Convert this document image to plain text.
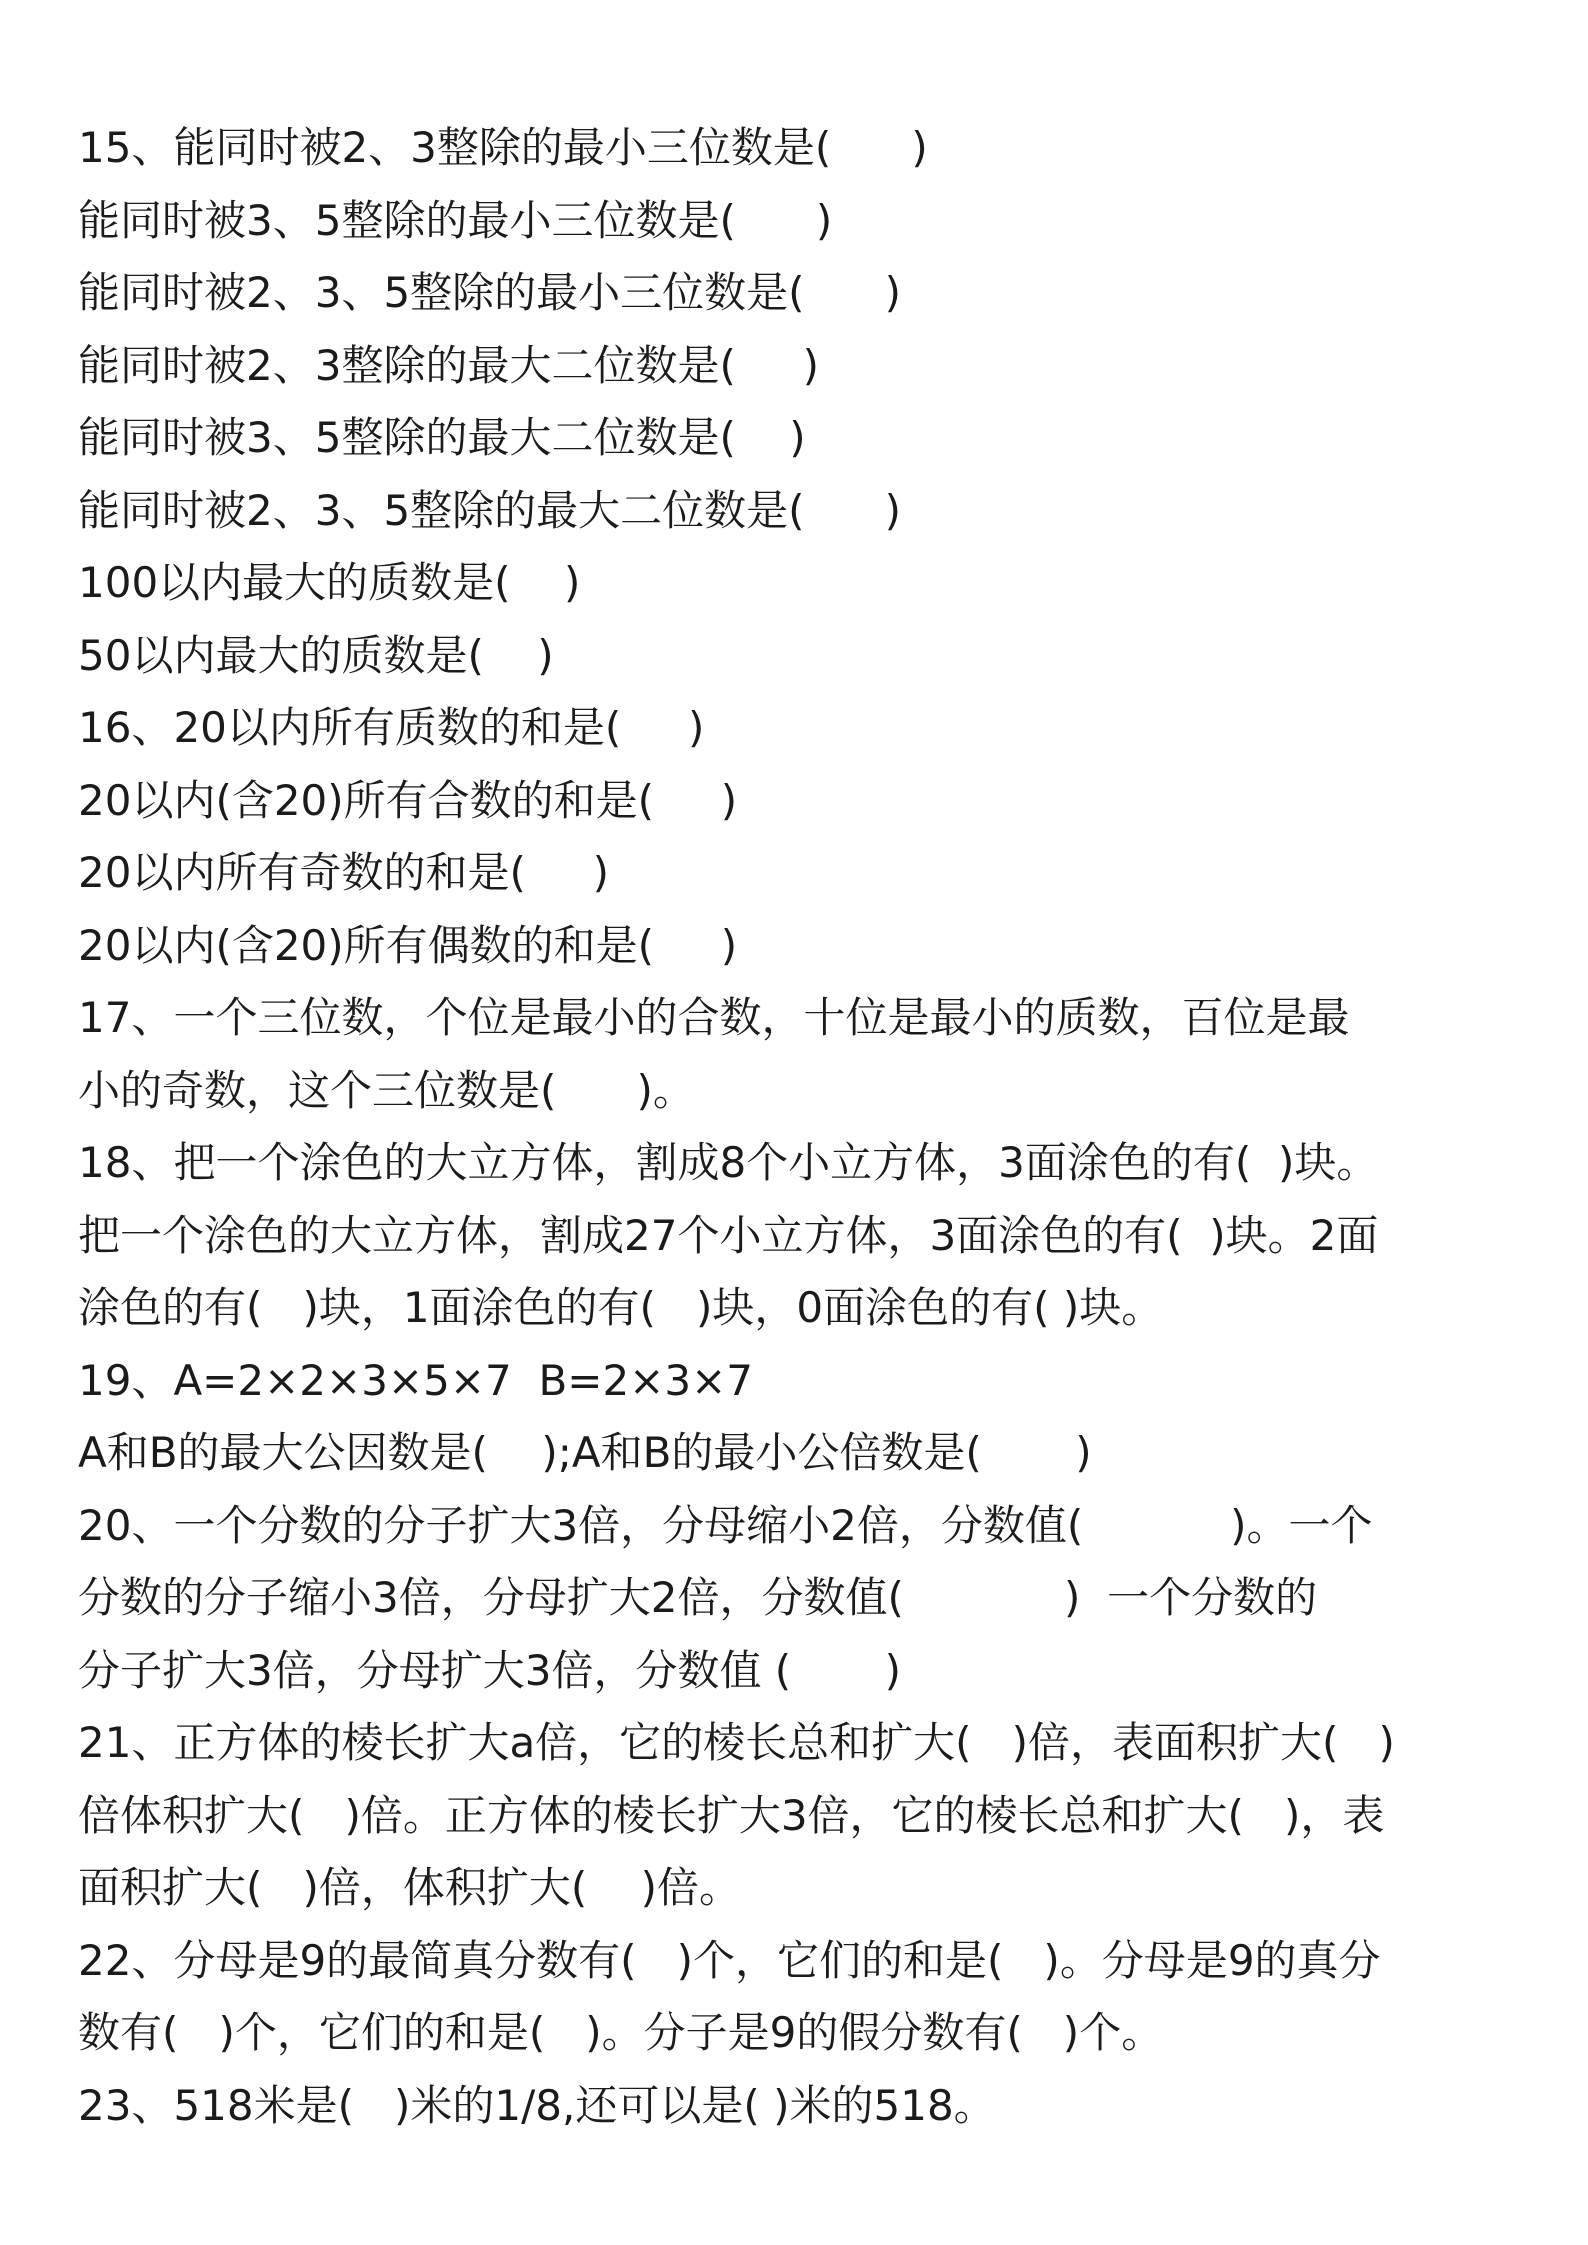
15、能同时被2、3整除的最小三位数是(      )
能同时被3、5整除的最小三位数是(      )
能同时被2、3、5整除的最小三位数是(      )
能同时被2、3整除的最大二位数是(     )
能同时被3、5整除的最大二位数是(    )
能同时被2、3、5整除的最大二位数是(      )
100以内最大的质数是(    )
50以内最大的质数是(    )
16、20以内所有质数的和是(     )
20以内(含20)所有合数的和是(     )
20以内所有奇数的和是(     )
20以内(含20)所有偶数的和是(     )
17、一个三位数，个位是最小的合数，十位是最小的质数，百位是最
小的奇数，这个三位数是(      )。
18、把一个涂色的大立方体，割成8个小立方体，3面涂色的有(  )块。
把一个涂色的大立方体，割成27个小立方体，3面涂色的有(  )块。2面
涂色的有(   )块，1面涂色的有(   )块，0面涂色的有( )块。
19、A=2×2×3×5×7  B=2×3×7
A和B的最大公因数是(    );A和B的最小公倍数是(       )
20、一个分数的分子扩大3倍，分母缩小2倍，分数值(           )。一个
分数的分子缩小3倍，分母扩大2倍，分数值(            )  一个分数的
分子扩大3倍，分母扩大3倍，分数值 (       )
21、正方体的棱长扩大a倍，它的棱长总和扩大(   )倍，表面积扩大(   )
倍体积扩大(   )倍。正方体的棱长扩大3倍，它的棱长总和扩大(   )，表
面积扩大(   )倍，体积扩大(    )倍。
22、分母是9的最简真分数有(   )个，它们的和是(   )。分母是9的真分
数有(   )个，它们的和是(   )。分子是9的假分数有(   )个。
23、518米是(   )米的1/8,还可以是( )米的518。
